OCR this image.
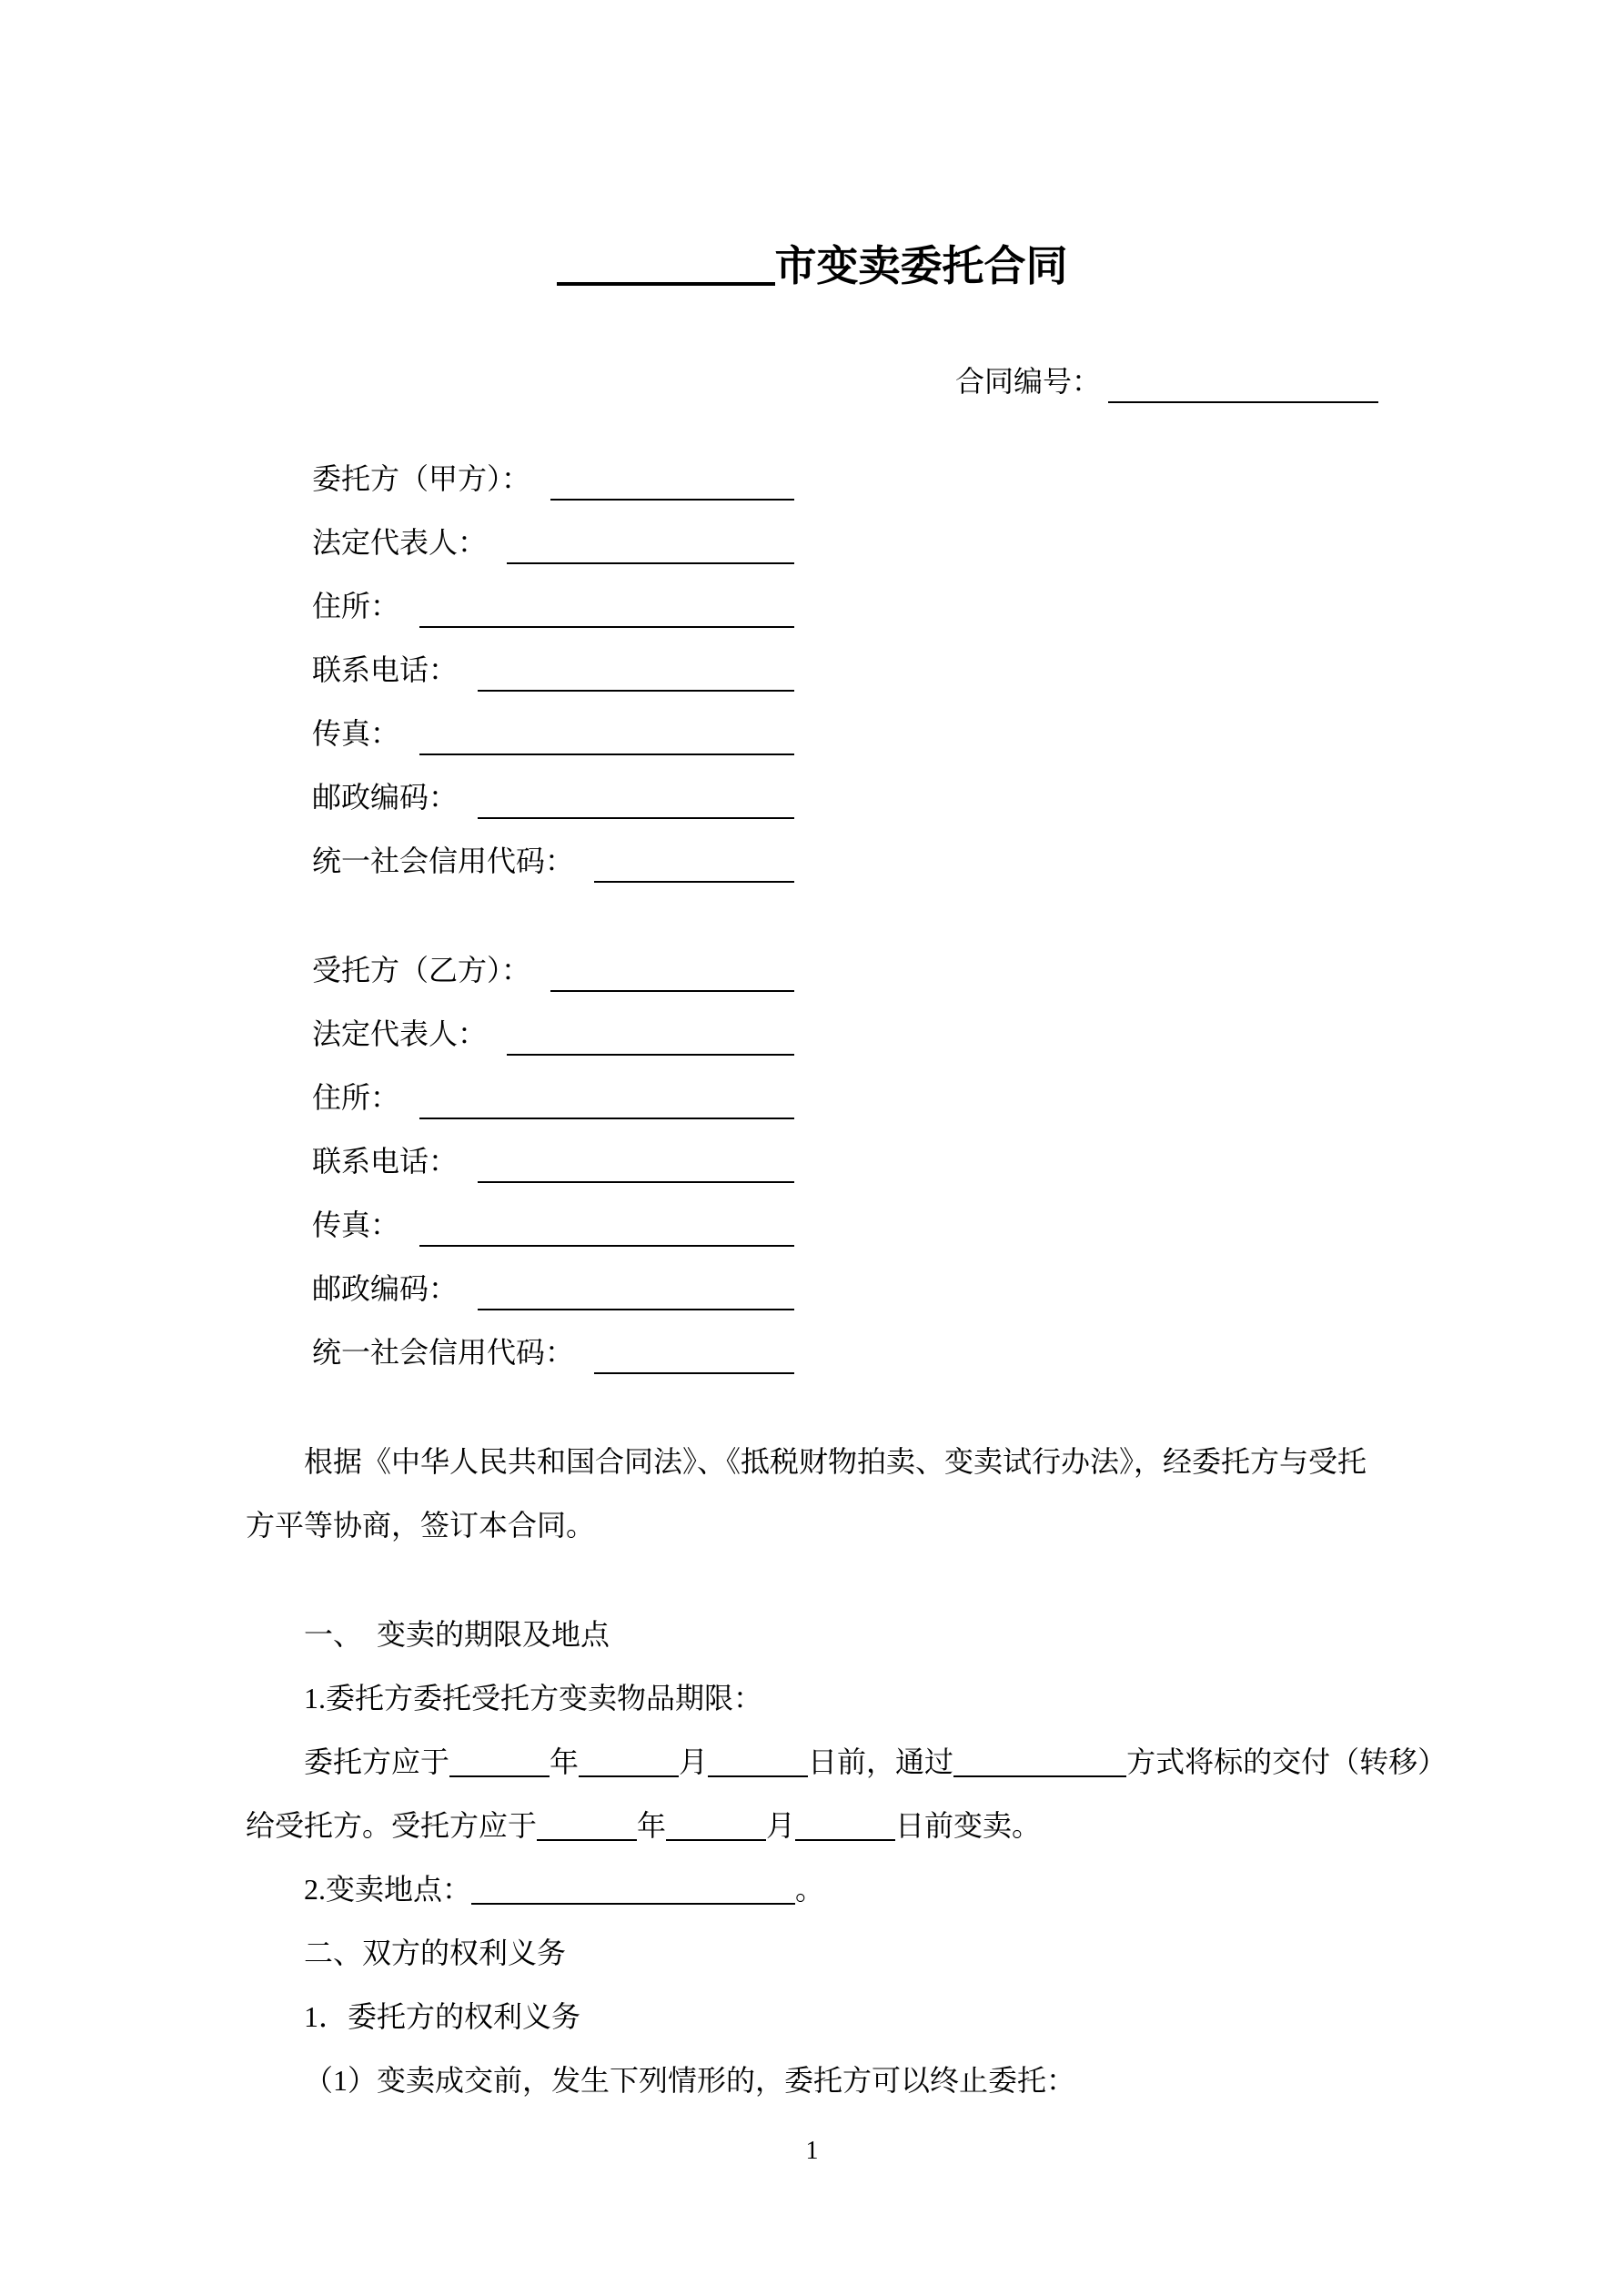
市变卖委托合同
合同编号：
委托方（甲方）：
法定代表人：
住所：
联系电话：
传真：
邮政编码：
统一社会信用代码：
受托方（乙方）：
法定代表人：
住所：
联系电话：
传真：
邮政编码：
统一社会信用代码：
根据《中华人民共和国合同法》、《抵税财物拍卖、变卖试行办法》，经委托方与受托
方平等协商，签订本合同。
一、　变卖的期限及地点
1.委托方委托受托方变卖物品期限：
委托方应于	年	月	日前，通过	方式将标的交付（转移）
给受托方。受托方应于	年	月	日前变卖。
2.变卖地点：	。
二、双方的权利义务
1．委托方的权利义务
（1）变卖成交前，发生下列情形的，委托方可以终止委托：
1
